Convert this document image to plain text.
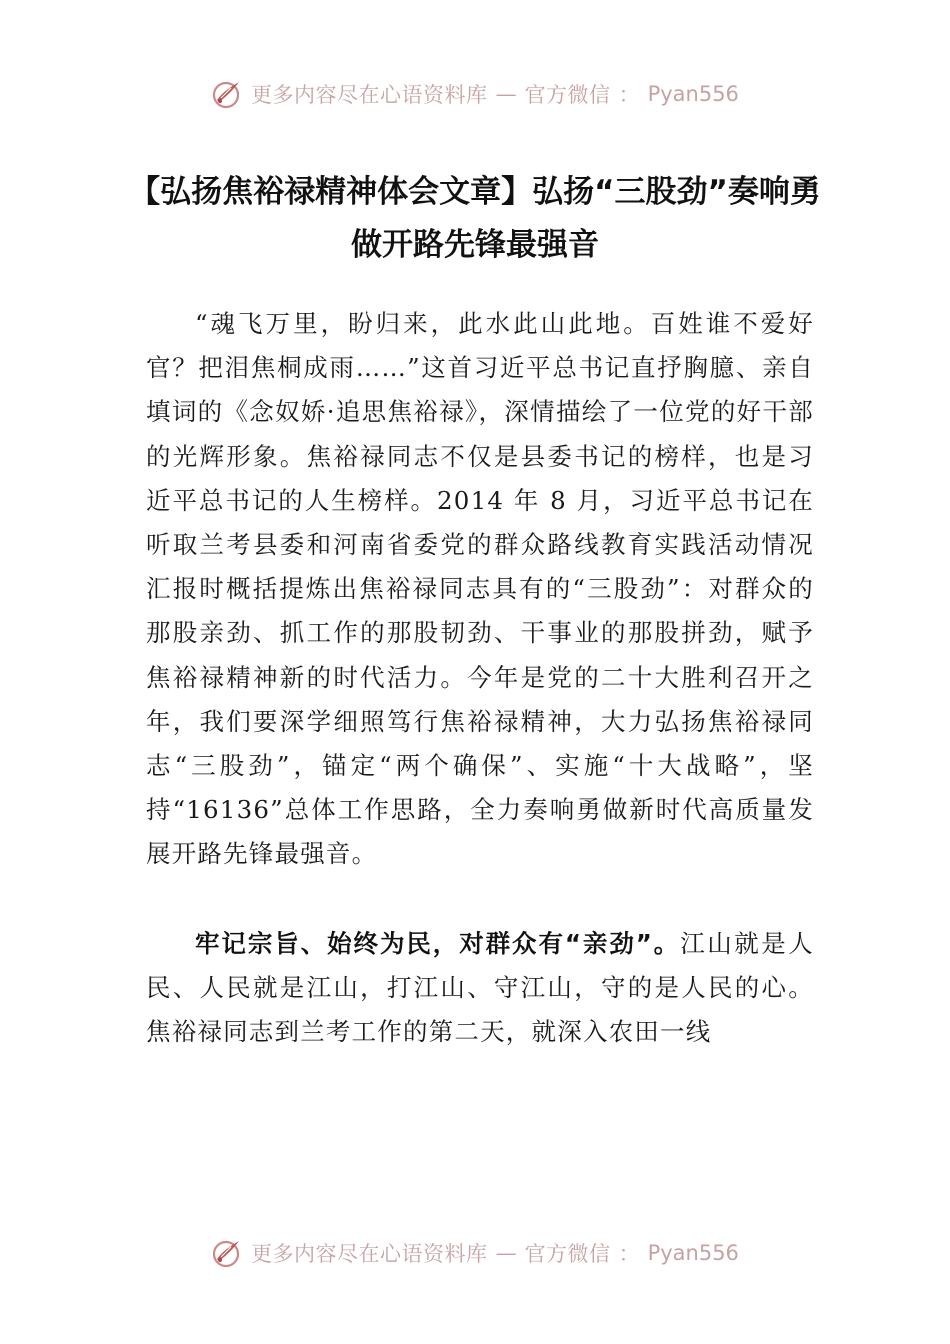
更多内容尽在心语资料库 — 官方微信 ： Pyan556
【弘扬焦裕禄精神体会文章】弘扬“三股劲”奏响勇做开路先锋最强音

“魂飞万里，盼归来，此水此山此地。百姓谁不爱好官？把泪焦桐成雨……”这首习近平总书记直抒胸臆、亲自填词的《念奴娇·追思焦裕禄》，深情描绘了一位党的好干部的光辉形象。焦裕禄同志不仅是县委书记的榜样，也是习近平总书记的人生榜样。2014 年 8 月，习近平总书记在听取兰考县委和河南省委党的群众路线教育实践活动情况汇报时概括提炼出焦裕禄同志具有的“三股劲”：对群众的那股亲劲、抓工作的那股韧劲、干事业的那股拼劲，赋予焦裕禄精神新的时代活力。今年是党的二十大胜利召开之年，我们要深学细照笃行焦裕禄精神，大力弘扬焦裕禄同志“三股劲”，锚定“两个确保”、实施“十大战略”，坚持“16136”总体工作思路，全力奏响勇做新时代高质量发展开路先锋最强音。

牢记宗旨、始终为民，对群众有“亲劲”。江山就是人民、人民就是江山，打江山、守江山，守的是人民的心。焦裕禄同志到兰考工作的第二天，就深入农田一线

更多内容尽在心语资料库 — 官方微信 ： Pyan556
